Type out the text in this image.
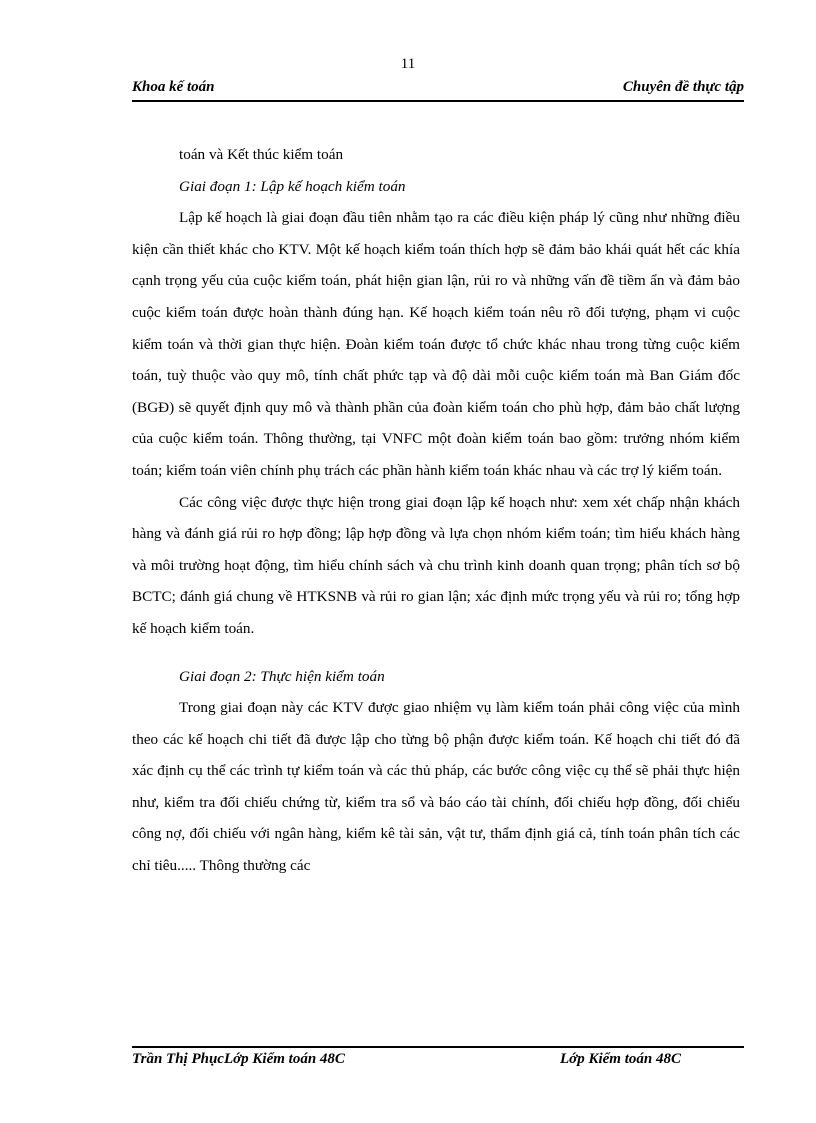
11
Khoa kế toán	Chuyên đề thực tập

toán và Kết thúc kiểm toán

Giai đoạn 1: Lập kế hoạch kiểm toán

Lập kế hoạch là giai đoạn đầu tiên nhằm tạo ra các điều kiện pháp lý cũng như những điều kiện cần thiết khác cho KTV. Một kế hoạch kiểm toán thích hợp sẽ đảm bảo khái quát hết các khía cạnh trọng yếu của cuộc kiểm toán, phát hiện gian lận, rủi ro và những vấn đề tiềm ẩn và đảm bảo cuộc kiểm toán được hoàn thành đúng hạn. Kế hoạch kiểm toán nêu rõ đối tượng, phạm vi cuộc kiểm toán và thời gian thực hiện. Đoàn kiểm toán được tổ chức khác nhau trong từng cuộc kiểm toán, tuỳ thuộc vào quy mô, tính chất phức tạp và độ dài mỗi cuộc kiểm toán mà Ban Giám đốc (BGĐ) sẽ quyết định quy mô và thành phần của đoàn kiểm toán cho phù hợp, đảm bảo chất lượng của cuộc kiểm toán. Thông thường, tại VNFC một đoàn kiểm toán bao gồm: trưởng nhóm kiểm toán; kiểm toán viên chính phụ trách các phần hành kiểm toán khác nhau và các trợ lý kiểm toán.

Các công việc được thực hiện trong giai đoạn lập kế hoạch như: xem xét chấp nhận khách hàng và đánh giá rủi ro hợp đồng; lập hợp đồng và lựa chọn nhóm kiểm toán; tìm hiểu khách hàng và môi trường hoạt động, tìm hiểu chính sách và chu trình kinh doanh quan trọng; phân tích sơ bộ BCTC; đánh giá chung về HTKSNB và rủi ro gian lận; xác định mức trọng yếu và rủi ro; tổng hợp kế hoạch kiểm toán.

Giai đoạn 2: Thực hiện kiểm toán

Trong giai đoạn này các KTV được giao nhiệm vụ làm kiểm toán phải công việc của mình theo các kế hoạch chi tiết đã được lập cho từng bộ phận được kiểm toán. Kế hoạch chi tiết đó đã xác định cụ thể các trình tự kiểm toán và các thủ pháp, các bước công việc cụ thể sẽ phải thực hiện như, kiểm tra đối chiếu chứng từ, kiểm tra sổ và báo cáo tài chính, đối chiếu hợp đồng, đối chiếu công nợ, đối chiếu với ngân hàng, kiểm kê tài sản, vật tư, thẩm định giá cả, tính toán phân tích các chỉ tiêu..... Thông thường các

Trần Thị PhụcLớp Kiểm toán 48C	Lớp Kiểm toán 48C
